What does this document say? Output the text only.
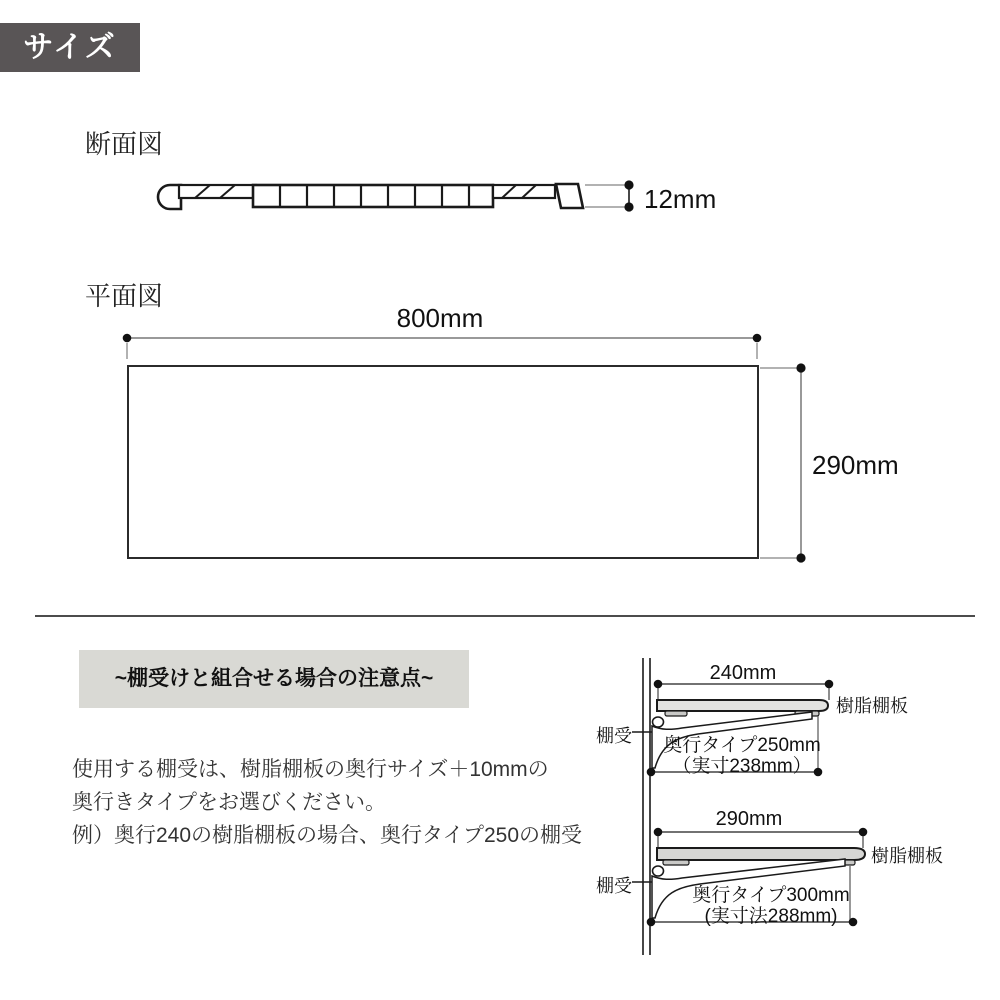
サイズ
断面図
12mm
平面図
800mm
290mm
~棚受けと組合せる場合の注意点~
使用する棚受は、樹脂棚板の奥行サイズ＋10mmの
奥行きタイプをお選びください。
例）奥行240の樹脂棚板の場合、奥行タイプ250の棚受
240mm
樹脂棚板
棚受	奥行タイプ250mm
（実寸238mm）
290mm
樹脂棚板
棚受	奥行タイプ300mm
(実寸法288mm)
